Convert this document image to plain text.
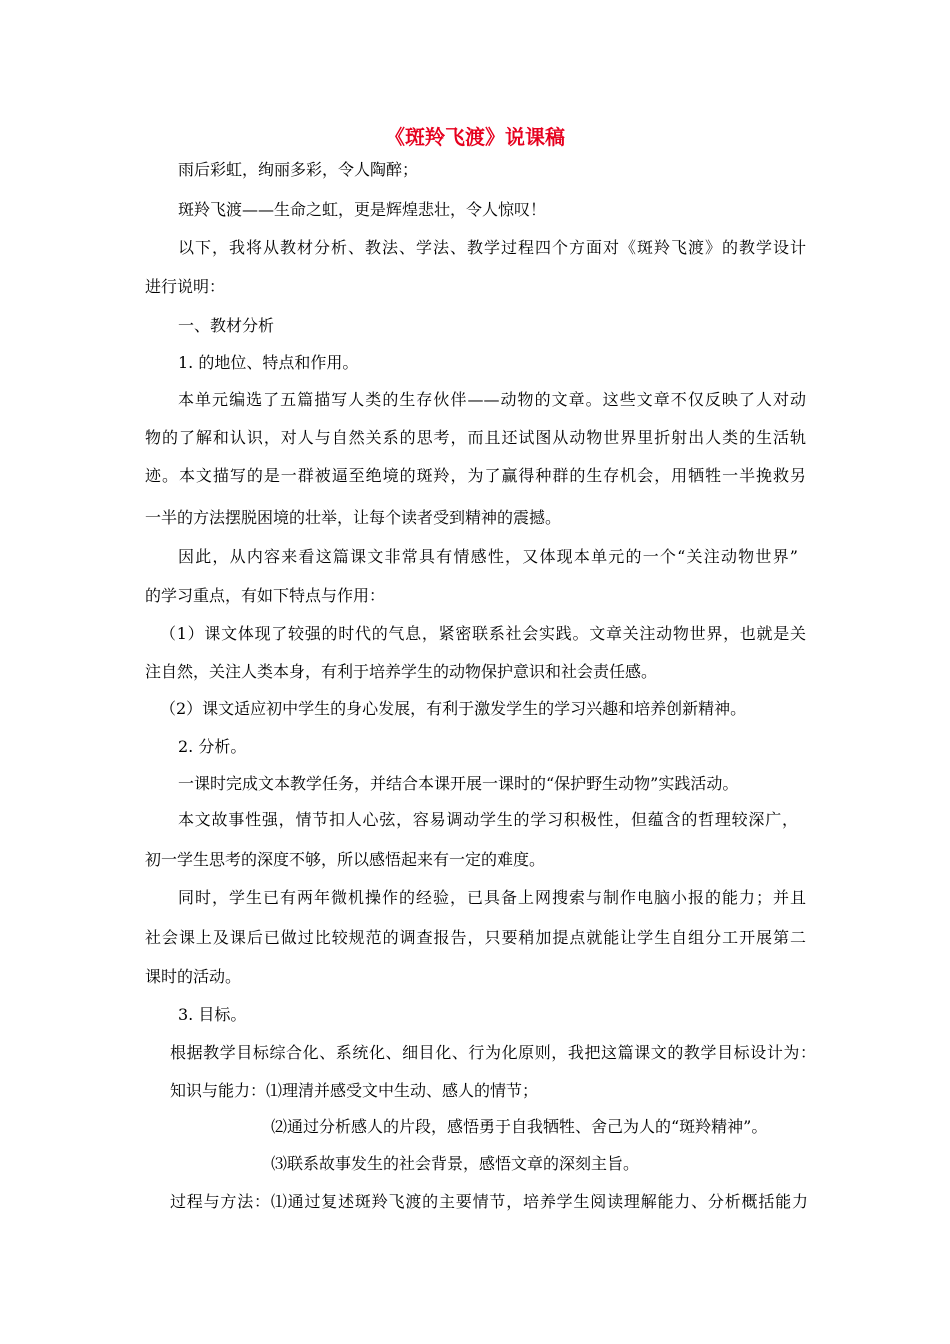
《斑羚飞渡》说课稿
雨后彩虹，绚丽多彩，令人陶醉；
斑羚飞渡——生命之虹，更是辉煌悲壮，令人惊叹！
以下，我将从教材分析、教法、学法、教学过程四个方面对《斑羚飞渡》的教学设计
进行说明：
一、教材分析
1. 的地位、特点和作用。
本单元编选了五篇描写人类的生存伙伴——动物的文章。这些文章不仅反映了人对动
物的了解和认识，对人与自然关系的思考，而且还试图从动物世界里折射出人类的生活轨
迹。本文描写的是一群被逼至绝境的斑羚，为了赢得种群的生存机会，用牺牲一半挽救另
一半的方法摆脱困境的壮举，让每个读者受到精神的震撼。
因此，从内容来看这篇课文非常具有情感性，又体现本单元的一个“关注动物世界”
的学习重点，有如下特点与作用：
（1）课文体现了较强的时代的气息，紧密联系社会实践。文章关注动物世界，也就是关
注自然，关注人类本身，有利于培养学生的动物保护意识和社会责任感。
（2）课文适应初中学生的身心发展，有利于激发学生的学习兴趣和培养创新精神。
2. 分析。
一课时完成文本教学任务，并结合本课开展一课时的“保护野生动物”实践活动。
本文故事性强，情节扣人心弦，容易调动学生的学习积极性，但蕴含的哲理较深广，
初一学生思考的深度不够，所以感悟起来有一定的难度。
同时，学生已有两年微机操作的经验，已具备上网搜索与制作电脑小报的能力；并且
社会课上及课后已做过比较规范的调查报告，只要稍加提点就能让学生自组分工开展第二
课时的活动。
3. 目标。
根据教学目标综合化、系统化、细目化、行为化原则，我把这篇课文的教学目标设计为：
知识与能力：⑴理清并感受文中生动、感人的情节；
⑵通过分析感人的片段，感悟勇于自我牺牲、舍己为人的“斑羚精神”。
⑶联系故事发生的社会背景，感悟文章的深刻主旨。
过程与方法：⑴通过复述斑羚飞渡的主要情节，培养学生阅读理解能力、分析概括能力
